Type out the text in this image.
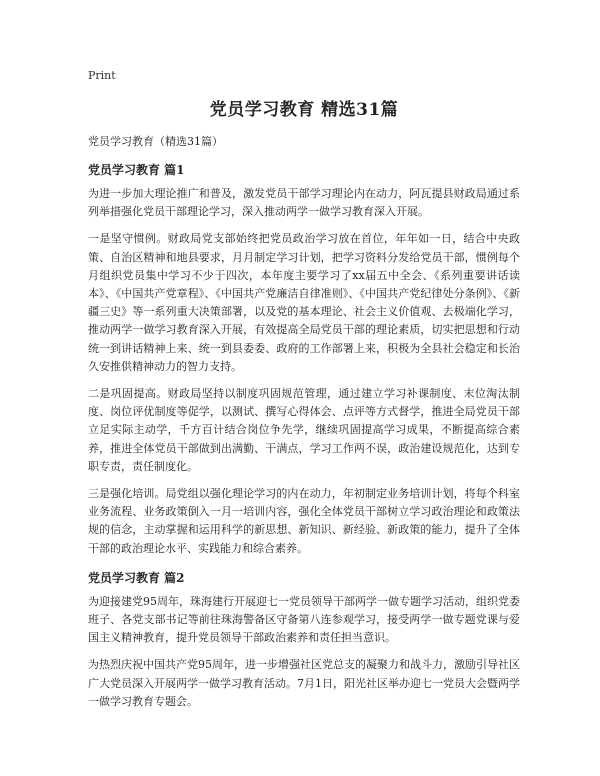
Print

党员学习教育 精选31篇

党员学习教育（精选31篇）

党员学习教育 篇1

为进一步加大理论推广和普及，激发党员干部学习理论内在动力，阿瓦提县财政局通过系列举措强化党员干部理论学习，深入推动两学一做学习教育深入开展。

一是坚守惯例。财政局党支部始终把党员政治学习放在首位，年年如一日，结合中央政策、自治区精神和地县要求，月月制定学习计划，把学习资料分发给党员干部，惯例每个月组织党员集中学习不少于四次，本年度主要学习了xx届五中全会、《系列重要讲话读本》、《中国共产党章程》、《中国共产党廉洁自律准则》、《中国共产党纪律处分条例》、《新疆三史》等一系列重大决策部署，以及党的基本理论、社会主义价值观、去极端化学习，推动两学一做学习教育深入开展，有效提高全局党员干部的理论素质，切实把思想和行动统一到讲话精神上来、统一到县委委、政府的工作部署上来，积极为全县社会稳定和长治久安推供精神动力的智力支持。

二是巩固提高。财政局坚持以制度巩固规范管理，通过建立学习补课制度、末位淘汰制度、岗位评优制度等促学，以测试、撰写心得体会、点评等方式督学，推进全局党员干部立足实际主动学，千方百计结合岗位争先学，继续巩固提高学习成果，不断提高综合素养，推进全体党员干部做到出满勤、干满点，学习工作两不误，政治建设规范化，达到专职专责，责任制度化。

三是强化培训。局党组以强化理论学习的内在动力，年初制定业务培训计划，将每个科室业务流程、业务政策倒入一月一培训内容，强化全体党员干部树立学习政治理论和政策法规的信念，主动掌握和运用科学的新思想、新知识、新经验、新政策的能力，提升了全体干部的政治理论水平、实践能力和综合素养。

党员学习教育 篇2

为迎接建党95周年，珠海建行开展迎七一党员领导干部两学一做专题学习活动，组织党委班子、各党支部书记等前往珠海警备区守备第八连参观学习，接受两学一做专题党课与爱国主义精神教育，提升党员领导干部政治素养和责任担当意识。

为热烈庆祝中国共产党95周年，进一步增强社区党总支的凝聚力和战斗力，激励引导社区广大党员深入开展两学一做学习教育活动。7月1日，阳光社区举办迎七一党员大会暨两学一做学习教育专题会。
